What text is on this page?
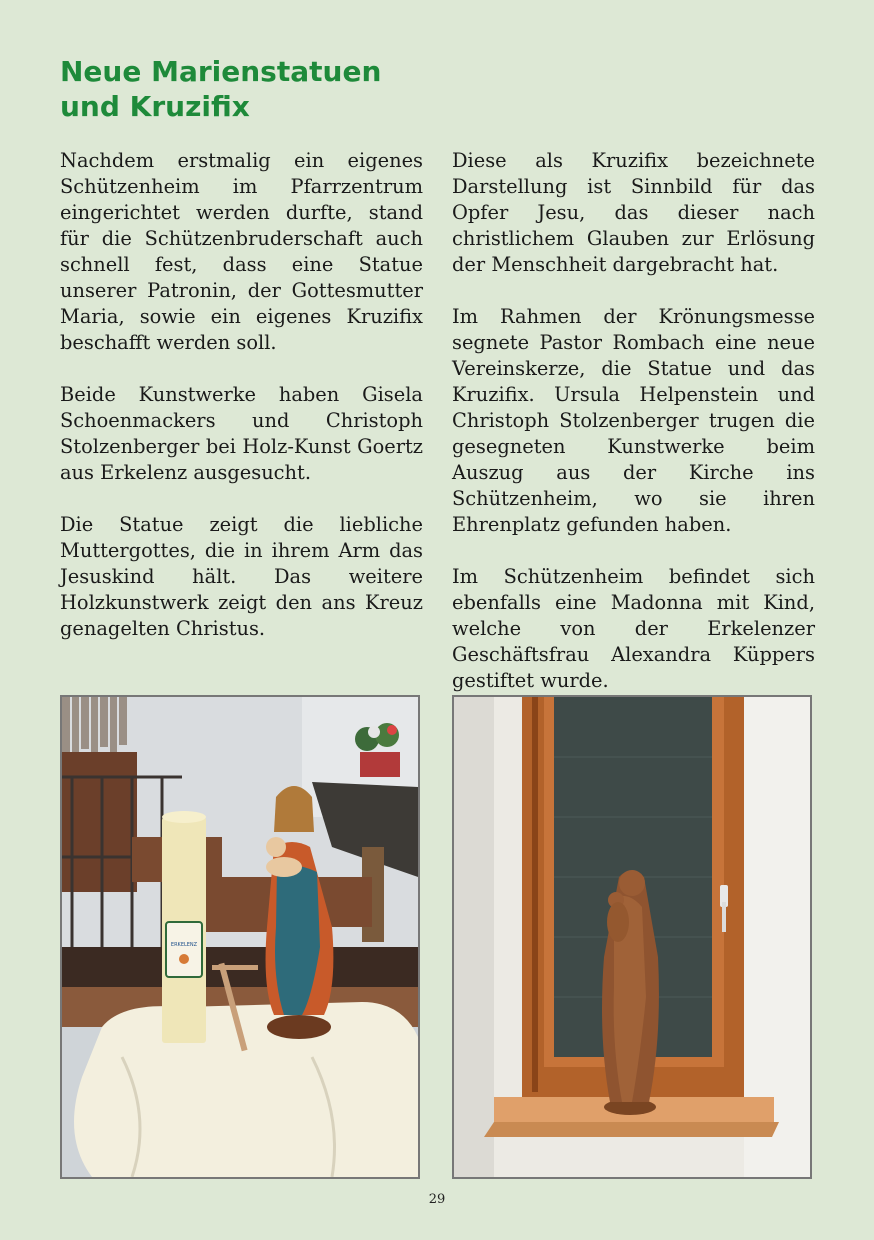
Neue Marienstatuen
und Kruzifix

Nachdem erstmalig ein eigenes Schützenheim im Pfarrzentrum eingerichtet werden durfte, stand für die Schützenbruderschaft auch schnell fest, dass eine Statue unserer Patronin, der Gottesmutter Maria, sowie ein eigenes Kruzifix beschafft werden soll.

Beide Kunstwerke haben Gisela Schoenmackers und Christoph Stolzenberger bei Holz-Kunst Goertz aus Erkelenz ausgesucht.

Die Statue zeigt die liebliche Muttergottes, die in ihrem Arm das Jesuskind hält. Das weitere Holzkunstwerk zeigt den ans Kreuz genagelten Christus.

Diese als Kruzifix bezeichnete Darstellung ist Sinnbild für das Opfer Jesu, das dieser nach christlichem Glauben zur Erlösung der Menschheit dargebracht hat.

Im Rahmen der Krönungsmesse segnete Pastor Rombach eine neue Vereinskerze, die Statue und das Kruzifix. Ursula Helpenstein und Christoph Stolzenberger trugen die gesegneten Kunstwerke beim Auszug aus der Kirche ins Schützenheim, wo sie ihren Ehrenplatz gefunden haben.

Im Schützenheim befindet sich ebenfalls eine Madonna mit Kind, welche von der Erkelenzer Geschäftsfrau Alexandra Küppers gestiftet wurde.

ERKELENZ
29
